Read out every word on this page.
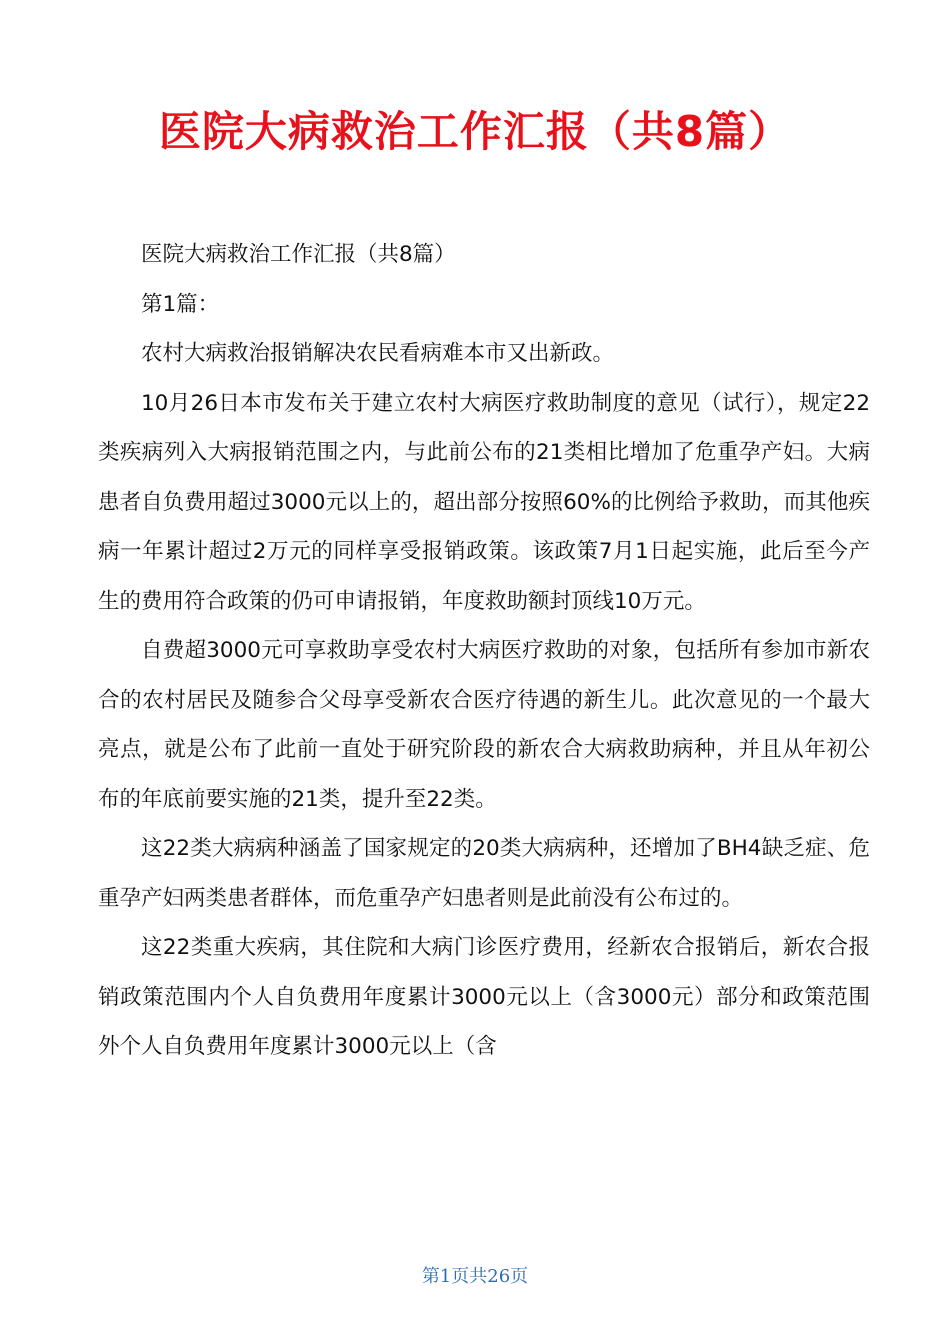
医院大病救治工作汇报（共8篇）

医院大病救治工作汇报（共8篇）

第1篇：

农村大病救治报销解决农民看病难本市又出新政。

10月26日本市发布关于建立农村大病医疗救助制度的意见（试行），规定22类疾病列入大病报销范围之内，与此前公布的21类相比增加了危重孕产妇。大病患者自负费用超过3000元以上的，超出部分按照60%的比例给予救助，而其他疾病一年累计超过2万元的同样享受报销政策。该政策7月1日起实施，此后至今产生的费用符合政策的仍可申请报销，年度救助额封顶线10万元。

自费超3000元可享救助享受农村大病医疗救助的对象，包括所有参加市新农合的农村居民及随参合父母享受新农合医疗待遇的新生儿。此次意见的一个最大亮点，就是公布了此前一直处于研究阶段的新农合大病救助病种，并且从年初公布的年底前要实施的21类，提升至22类。

这22类大病病种涵盖了国家规定的20类大病病种，还增加了BH4缺乏症、危重孕产妇两类患者群体，而危重孕产妇患者则是此前没有公布过的。

这22类重大疾病，其住院和大病门诊医疗费用，经新农合报销后，新农合报销政策范围内个人自负费用年度累计3000元以上（含3000元）部分和政策范围外个人自负费用年度累计3000元以上（含

第1页共26页
